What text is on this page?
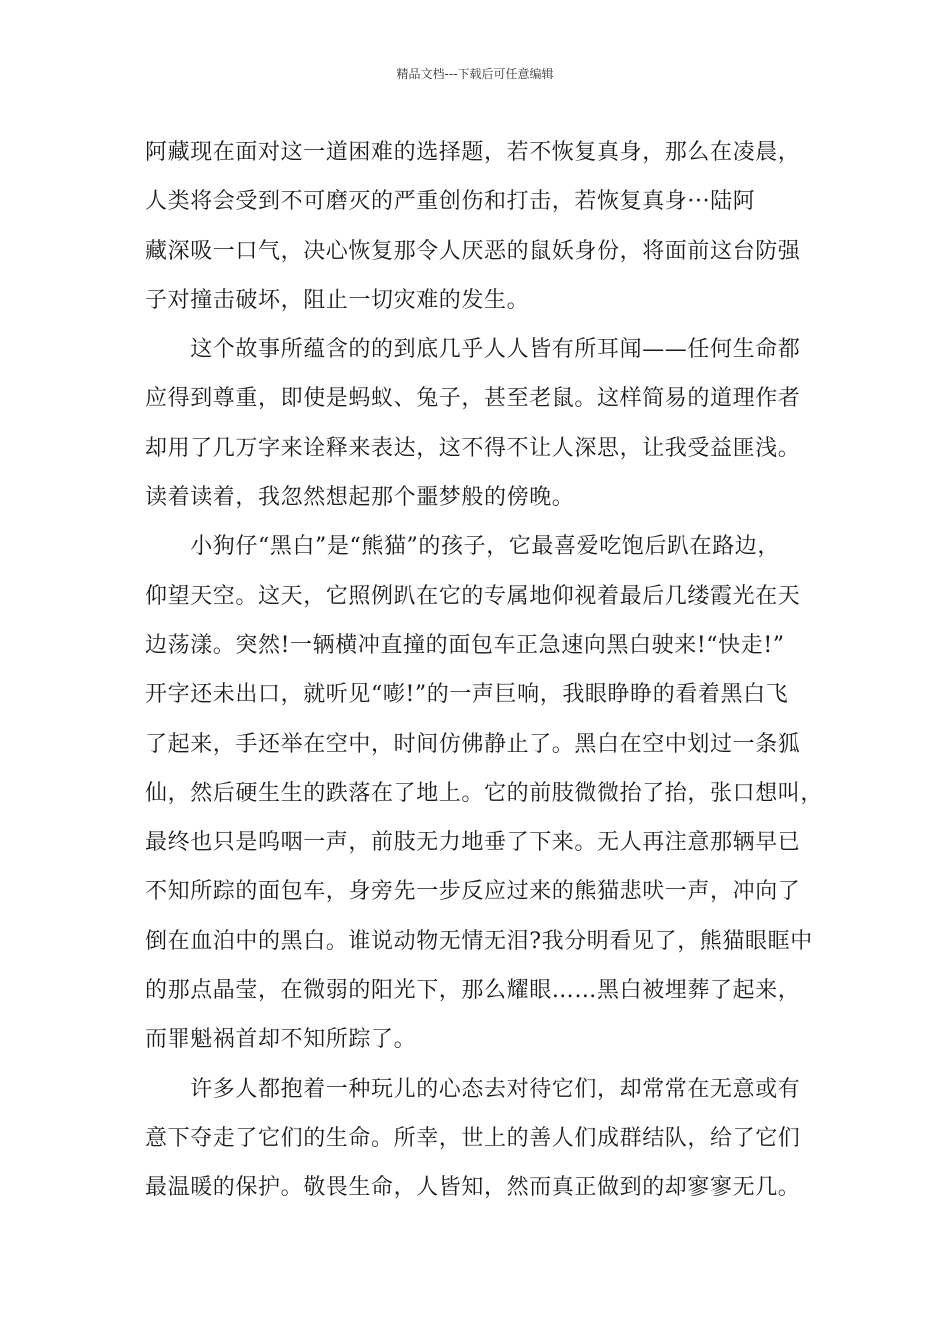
精品文档---下载后可任意编辑
阿藏现在面对这一道困难的选择题，若不恢复真身，那么在凌晨，
人类将会受到不可磨灭的严重创伤和打击，若恢复真身···陆阿
藏深吸一口气，决心恢复那令人厌恶的鼠妖身份，将面前这台防强
子对撞击破坏，阻止一切灾难的发生。
　　这个故事所蕴含的的到底几乎人人皆有所耳闻——任何生命都
应得到尊重，即使是蚂蚁、兔子，甚至老鼠。这样简易的道理作者
却用了几万字来诠释来表达，这不得不让人深思，让我受益匪浅。
读着读着，我忽然想起那个噩梦般的傍晚。
　　小狗仔“黑白”是“熊猫”的孩子，它最喜爱吃饱后趴在路边，
仰望天空。这天，它照例趴在它的专属地仰视着最后几缕霞光在天
边荡漾。突然!一辆横冲直撞的面包车正急速向黑白驶来!“快走!”
开字还未出口，就听见“嘭!”的一声巨响，我眼睁睁的看着黑白飞
了起来，手还举在空中，时间仿佛静止了。黑白在空中划过一条狐
仙，然后硬生生的跌落在了地上。它的前肢微微抬了抬，张口想叫，
最终也只是呜咽一声，前肢无力地垂了下来。无人再注意那辆早已
不知所踪的面包车，身旁先一步反应过来的熊猫悲吠一声，冲向了
倒在血泊中的黑白。谁说动物无情无泪?我分明看见了，熊猫眼眶中
的那点晶莹，在微弱的阳光下，那么耀眼……黑白被埋葬了起来，
而罪魁祸首却不知所踪了。
　　许多人都抱着一种玩儿的心态去对待它们，却常常在无意或有
意下夺走了它们的生命。所幸，世上的善人们成群结队，给了它们
最温暖的保护。敬畏生命，人皆知，然而真正做到的却寥寥无几。
